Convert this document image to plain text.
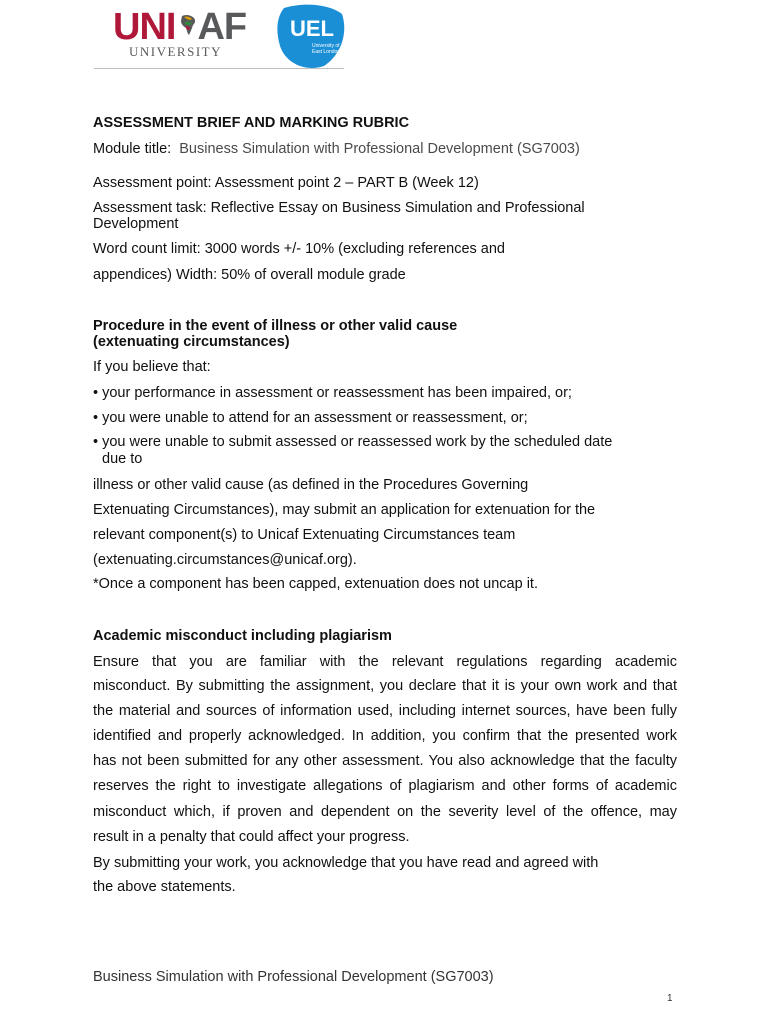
UNI AF
UNIVERSITY
UEL
University of
East London

ASSESSMENT BRIEF AND MARKING RUBRIC

Module title: Business Simulation with Professional Development (SG7003)

Assessment point: Assessment point 2 – PART B (Week 12)

Assessment task: Reflective Essay on Business Simulation and Professional

Development

Word count limit: 3000 words +/- 10% (excluding references and

appendices) Width: 50% of overall module grade

Procedure in the event of illness or other valid cause

(extenuating circumstances)

If you believe that:

• your performance in assessment or reassessment has been impaired, or;

• you were unable to attend for an assessment or reassessment, or;

• you were unable to submit assessed or reassessed work by the scheduled date

due to

illness or other valid cause (as defined in the Procedures Governing

Extenuating Circumstances), may submit an application for extenuation for the

relevant component(s) to Unicaf Extenuating Circumstances team

(extenuating.circumstances@unicaf.org).

*Once a component has been capped, extenuation does not uncap it.

Academic misconduct including plagiarism

Ensure that you are familiar with the relevant regulations regarding academic

misconduct. By submitting the assignment, you declare that it is your own work and that

the material and sources of information used, including internet sources, have been fully

identified and properly acknowledged. In addition, you confirm that the presented work

has not been submitted for any other assessment. You also acknowledge that the faculty

reserves the right to investigate allegations of plagiarism and other forms of academic

misconduct which, if proven and dependent on the severity level of the offence, may

result in a penalty that could affect your progress.

By submitting your work, you acknowledge that you have read and agreed with

the above statements.

Business Simulation with Professional Development (SG7003)
1
